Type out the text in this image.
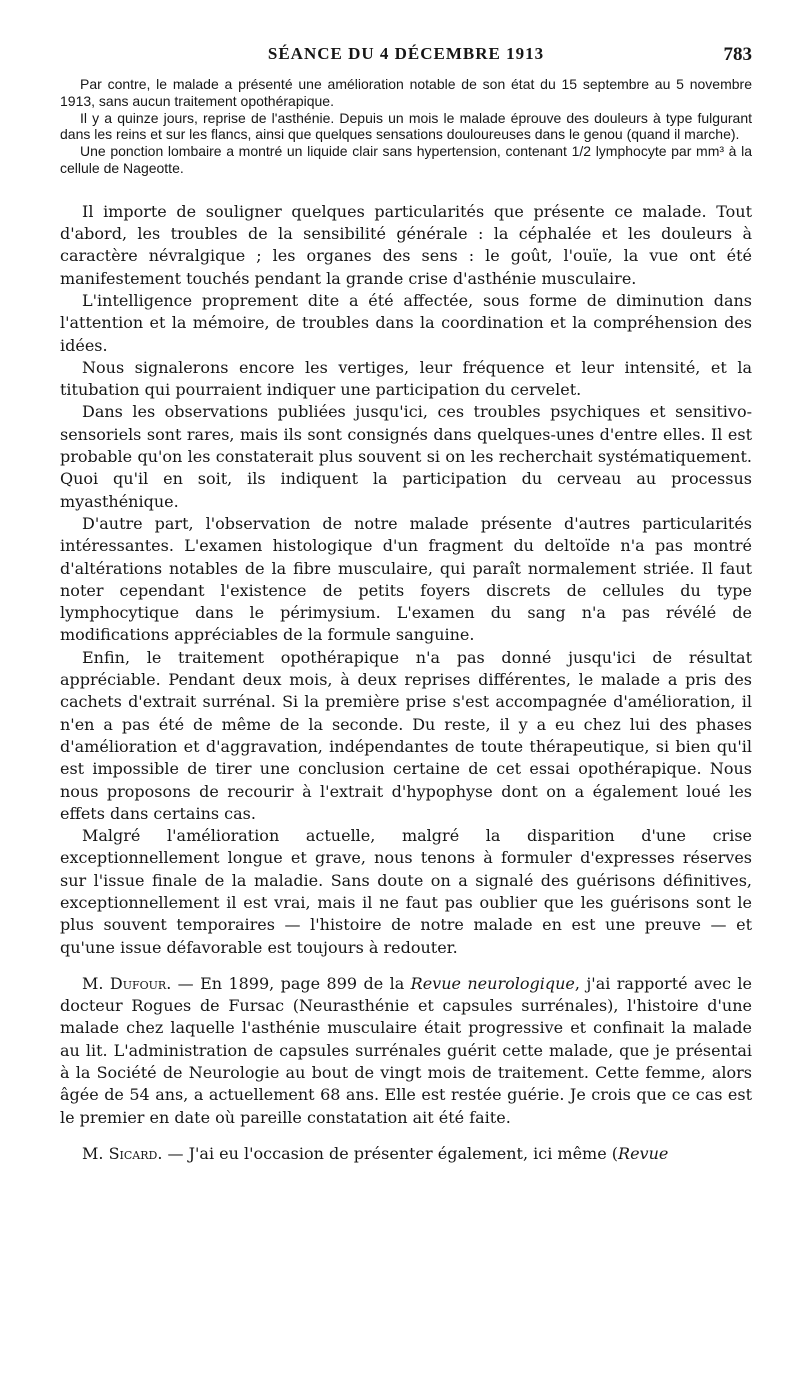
SÉANCE DU 4 DÉCEMBRE 1913	783

Par contre, le malade a présenté une amélioration notable de son état du 15 septembre au 5 novembre 1913, sans aucun traitement opothérapique.

Il y a quinze jours, reprise de l'asthénie. Depuis un mois le malade éprouve des douleurs à type fulgurant dans les reins et sur les flancs, ainsi que quelques sensations douloureuses dans le genou (quand il marche).

Une ponction lombaire a montré un liquide clair sans hypertension, contenant 1/2 lymphocyte par mm³ à la cellule de Nageotte.

Il importe de souligner quelques particularités que présente ce malade. Tout d'abord, les troubles de la sensibilité générale : la céphalée et les douleurs à caractère névralgique ; les organes des sens : le goût, l'ouïe, la vue ont été manifestement touchés pendant la grande crise d'asthénie musculaire.

L'intelligence proprement dite a été affectée, sous forme de diminution dans l'attention et la mémoire, de troubles dans la coordination et la compréhension des idées.

Nous signalerons encore les vertiges, leur fréquence et leur intensité, et la titubation qui pourraient indiquer une participation du cervelet.

Dans les observations publiées jusqu'ici, ces troubles psychiques et sensitivo-sensoriels sont rares, mais ils sont consignés dans quelques-unes d'entre elles. Il est probable qu'on les constaterait plus souvent si on les recherchait systématiquement. Quoi qu'il en soit, ils indiquent la participation du cerveau au processus myasthénique.

D'autre part, l'observation de notre malade présente d'autres particularités intéressantes. L'examen histologique d'un fragment du deltoïde n'a pas montré d'altérations notables de la fibre musculaire, qui paraît normalement striée. Il faut noter cependant l'existence de petits foyers discrets de cellules du type lymphocytique dans le périmysium. L'examen du sang n'a pas révélé de modifications appréciables de la formule sanguine.

Enfin, le traitement opothérapique n'a pas donné jusqu'ici de résultat appréciable. Pendant deux mois, à deux reprises différentes, le malade a pris des cachets d'extrait surrénal. Si la première prise s'est accompagnée d'amélioration, il n'en a pas été de même de la seconde. Du reste, il y a eu chez lui des phases d'amélioration et d'aggravation, indépendantes de toute thérapeutique, si bien qu'il est impossible de tirer une conclusion certaine de cet essai opothérapique. Nous nous proposons de recourir à l'extrait d'hypophyse dont on a également loué les effets dans certains cas.

Malgré l'amélioration actuelle, malgré la disparition d'une crise exceptionnellement longue et grave, nous tenons à formuler d'expresses réserves sur l'issue finale de la maladie. Sans doute on a signalé des guérisons définitives, exceptionnellement il est vrai, mais il ne faut pas oublier que les guérisons sont le plus souvent temporaires — l'histoire de notre malade en est une preuve — et qu'une issue défavorable est toujours à redouter.

M. Dufour. — En 1899, page 899 de la Revue neurologique, j'ai rapporté avec le docteur Rogues de Fursac (Neurasthénie et capsules surrénales), l'histoire d'une malade chez laquelle l'asthénie musculaire était progressive et confinait la malade au lit. L'administration de capsules surrénales guérit cette malade, que je présentai à la Société de Neurologie au bout de vingt mois de traitement. Cette femme, alors âgée de 54 ans, a actuellement 68 ans. Elle est restée guérie. Je crois que ce cas est le premier en date où pareille constatation ait été faite.

M. Sicard. — J'ai eu l'occasion de présenter également, ici même (Revue
